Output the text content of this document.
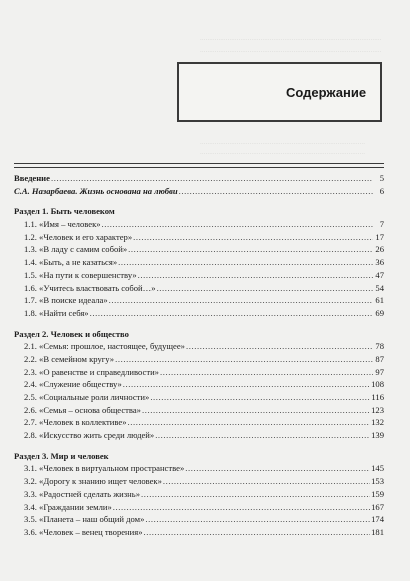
………………………………………………………………………………………
………………………………………………………………………………………
………………………………………………………………………………
………………………………………………………………………………
Содержание
Введение .....	5
С.А. Назарбаева. Жизнь основана на любви .....	6
Раздел 1. Быть человеком
1.1. «Имя – человек» .....	7
1.2. «Человек и его характер» .....	17
1.3. «В ладу с самим собой» .....	26
1.4. «Быть, а не казаться» .....	36
1.5. «На пути к совершенству» .....	47
1.6. «Учитесь властвовать собой…» .....	54
1.7. «В поиске идеала» .....	61
1.8. «Найти себя» .....	69
Раздел 2. Человек и общество
2.1. «Семья: прошлое, настоящее, будущее» .....	78
2.2. «В семейном кругу» .....	87
2.3. «О равенстве и справедливости» .....	97
2.4. «Служение обществу» .....	108
2.5. «Социальные роли личности» .....	116
2.6. «Семья – основа общества» .....	123
2.7. «Человек в коллективе» .....	132
2.8. «Искусство жить среди людей» .....	139
Раздел 3. Мир и человек
3.1. «Человек в виртуальном пространстве» .....	145
3.2. «Дорогу к знанию ищет человек» .....	153
3.3. «Радостней сделать жизнь» .....	159
3.4. «Граждании земли» .....	167
3.5. «Планета – наш общий дом» .....	174
3.6. «Человек – венец творения» .....	181
